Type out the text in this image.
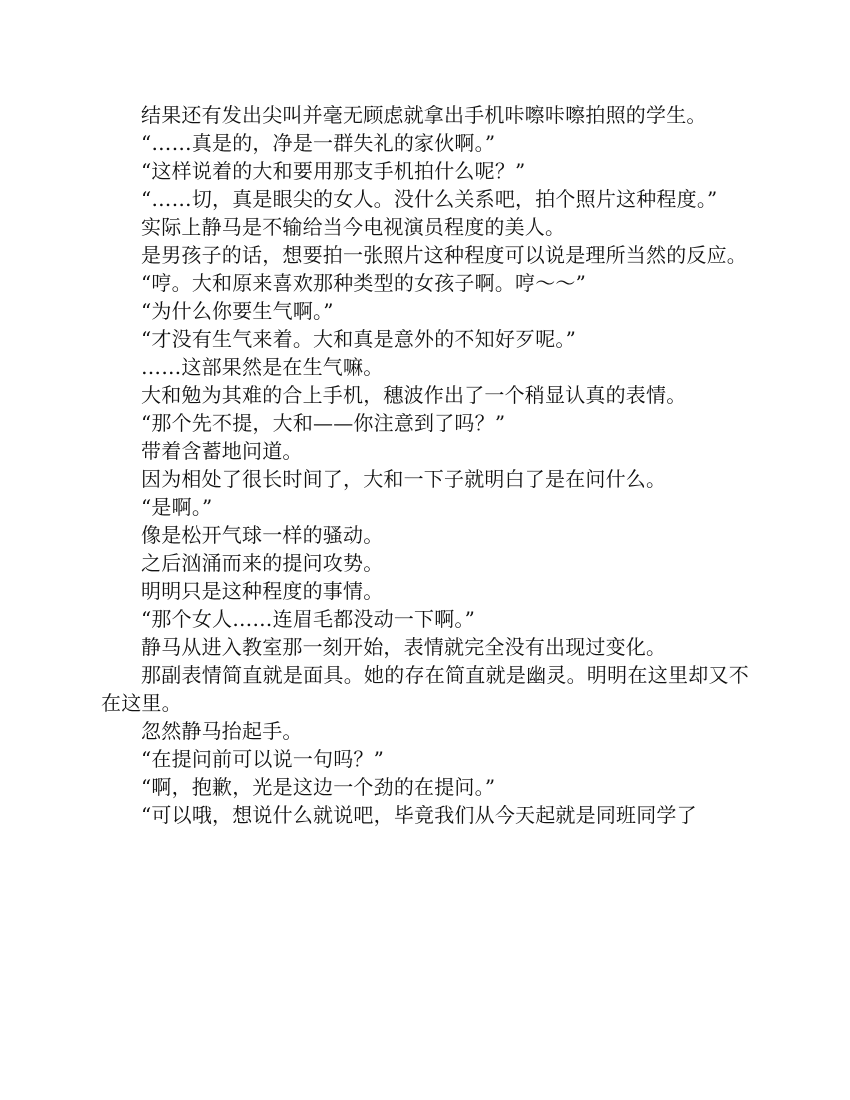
结果还有发出尖叫并毫无顾虑就拿出手机咔嚓咔嚓拍照的学生。

“……真是的，净是一群失礼的家伙啊。”

“这样说着的大和要用那支手机拍什么呢？”

“……切，真是眼尖的女人。没什么关系吧，拍个照片这种程度。”

实际上静马是不输给当今电视演员程度的美人。

是男孩子的话，想要拍一张照片这种程度可以说是理所当然的反应。

“哼。大和原来喜欢那种类型的女孩子啊。哼～～”

“为什么你要生气啊。”

“才没有生气来着。大和真是意外的不知好歹呢。”

……这部果然是在生气嘛。

大和勉为其难的合上手机，穗波作出了一个稍显认真的表情。

“那个先不提，大和——你注意到了吗？”

带着含蓄地问道。

因为相处了很长时间了，大和一下子就明白了是在问什么。

“是啊。”

像是松开气球一样的骚动。

之后汹涌而来的提问攻势。

明明只是这种程度的事情。

“那个女人……连眉毛都没动一下啊。”

静马从进入教室那一刻开始，表情就完全没有出现过变化。

那副表情简直就是面具。她的存在简直就是幽灵。明明在这里却又不在这里。

忽然静马抬起手。

“在提问前可以说一句吗？”

“啊，抱歉，光是这边一个劲的在提问。”

“可以哦，想说什么就说吧，毕竟我们从今天起就是同班同学了
